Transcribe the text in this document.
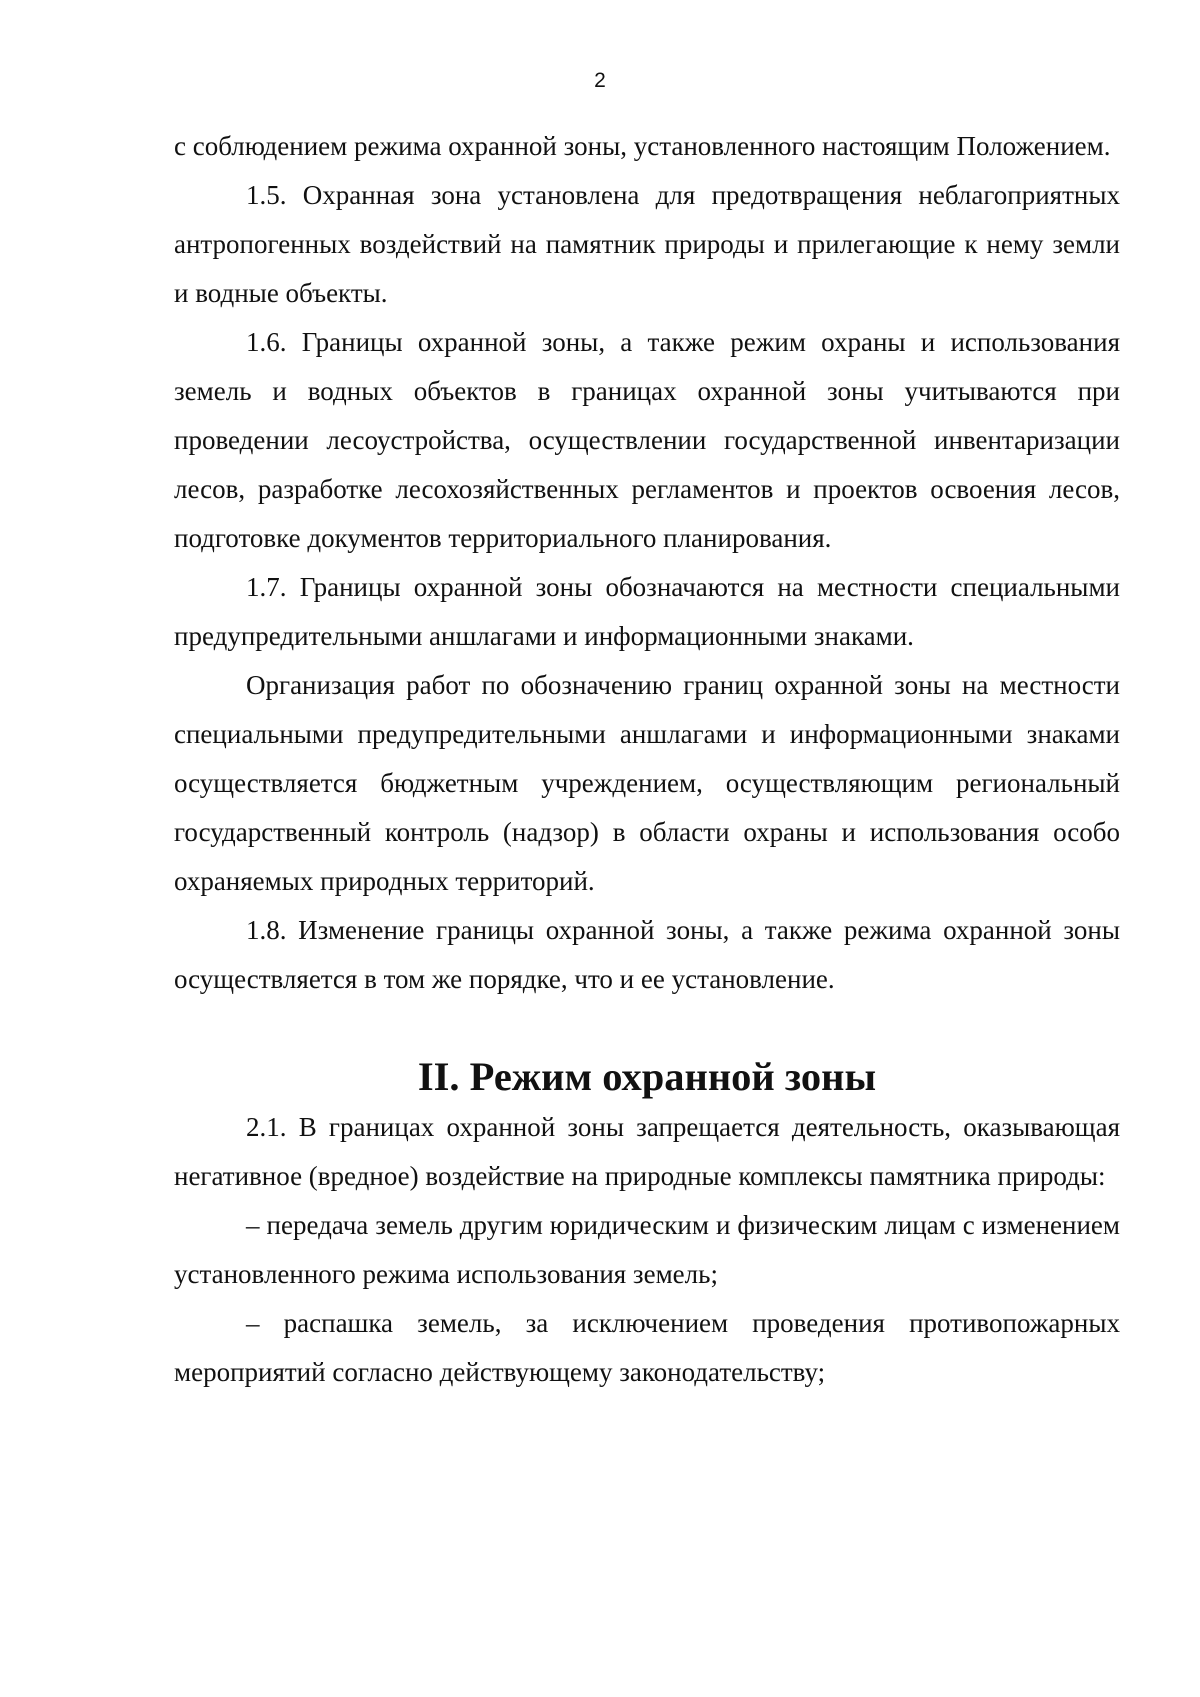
2

с соблюдением режима охранной зоны, установленного настоящим Положением.

1.5. Охранная зона установлена для предотвращения неблагоприятных антропогенных воздействий на памятник природы и прилегающие к нему земли и водные объекты.

1.6. Границы охранной зоны, а также режим охраны и использования земель и водных объектов в границах охранной зоны учитываются при проведении лесоустройства, осуществлении государственной инвентаризации лесов, разработке лесохозяйственных регламентов и проектов освоения лесов, подготовке документов территориального планирования.

1.7. Границы охранной зоны обозначаются на местности специальными предупредительными аншлагами и информационными знаками.

Организация работ по обозначению границ охранной зоны на местности специальными предупредительными аншлагами и информационными знаками осуществляется бюджетным учреждением, осуществляющим региональный государственный контроль (надзор) в области охраны и использования особо охраняемых природных территорий.

1.8. Изменение границы охранной зоны, а также режима охранной зоны осуществляется в том же порядке, что и ее установление.

II. Режим охранной зоны

2.1. В границах охранной зоны запрещается деятельность, оказывающая негативное (вредное) воздействие на природные комплексы памятника природы:

– передача земель другим юридическим и физическим лицам с изменением установленного режима использования земель;

– распашка земель, за исключением проведения противопожарных мероприятий согласно действующему законодательству;
